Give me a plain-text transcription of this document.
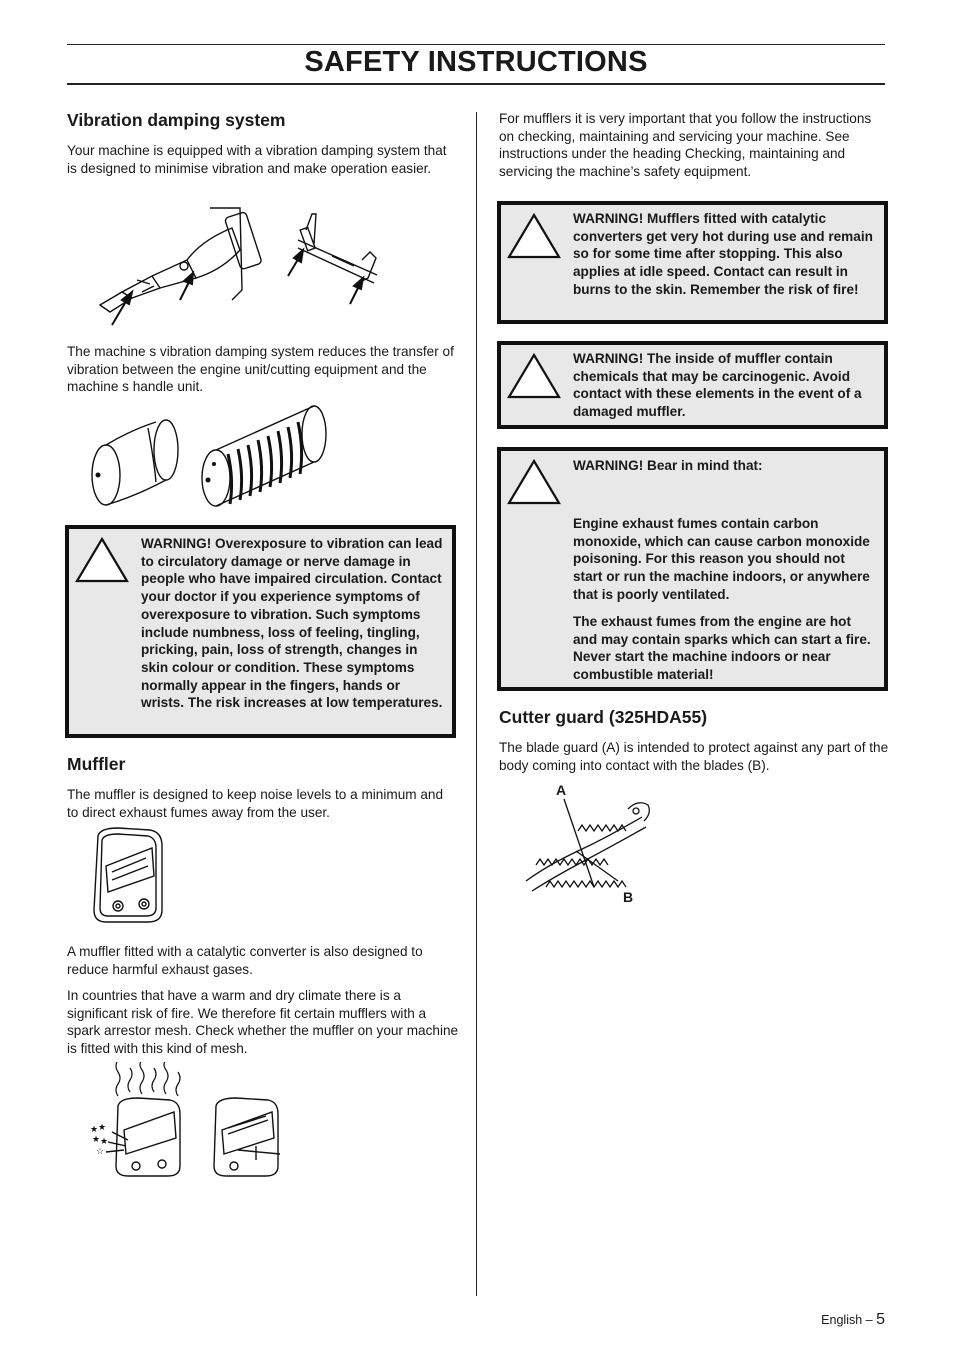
SAFETY INSTRUCTIONS
Vibration damping system

Your machine is equipped with a vibration damping system that is designed to minimise vibration and make operation easier.

The machine s vibration damping system reduces the transfer of vibration between the engine unit/cutting equipment and the machine s handle unit.

WARNING! Overexposure to vibration can lead to circulatory damage or nerve damage in people who have impaired circulation. Contact your doctor if you experience symptoms of overexposure to vibration. Such symptoms include numbness, loss of feeling, tingling, pricking, pain, loss of strength, changes in skin colour or condition. These symptoms normally appear in the fingers, hands or wrists. The risk increases at low temperatures.

Muffler

The muffler is designed to keep noise levels to a minimum and to direct exhaust fumes away from the user.

A muffler fitted with a catalytic converter is also designed to reduce harmful exhaust gases.

In countries that have a warm and dry climate there is a significant risk of fire. We therefore fit certain mufflers with a spark arrestor mesh. Check whether the muffler on your machine is fitted with this kind of mesh.

★ ★
★ ★
☆

For mufflers it is very important that you follow the instructions on checking, maintaining and servicing your machine. See instructions under the heading Checking, maintaining and servicing the machine’s safety equipment.

WARNING! Mufflers fitted with catalytic converters get very hot during use and remain so for some time after stopping. This also applies at idle speed. Contact can result in burns to the skin. Remember the risk of fire!

WARNING! The inside of muffler contain chemicals that may be carcinogenic. Avoid contact with these elements in the event of a damaged muffler.

WARNING! Bear in mind that:

Engine exhaust fumes contain carbon monoxide, which can cause carbon monoxide poisoning. For this reason you should not start or run the machine indoors, or anywhere that is poorly ventilated.

The exhaust fumes from the engine are hot and may contain sparks which can start a fire. Never start the machine indoors or near combustible material!

Cutter guard (325HDA55)

The blade guard (A) is intended to protect against any part of the body coming into contact with the blades (B).

A
B
English – 5
